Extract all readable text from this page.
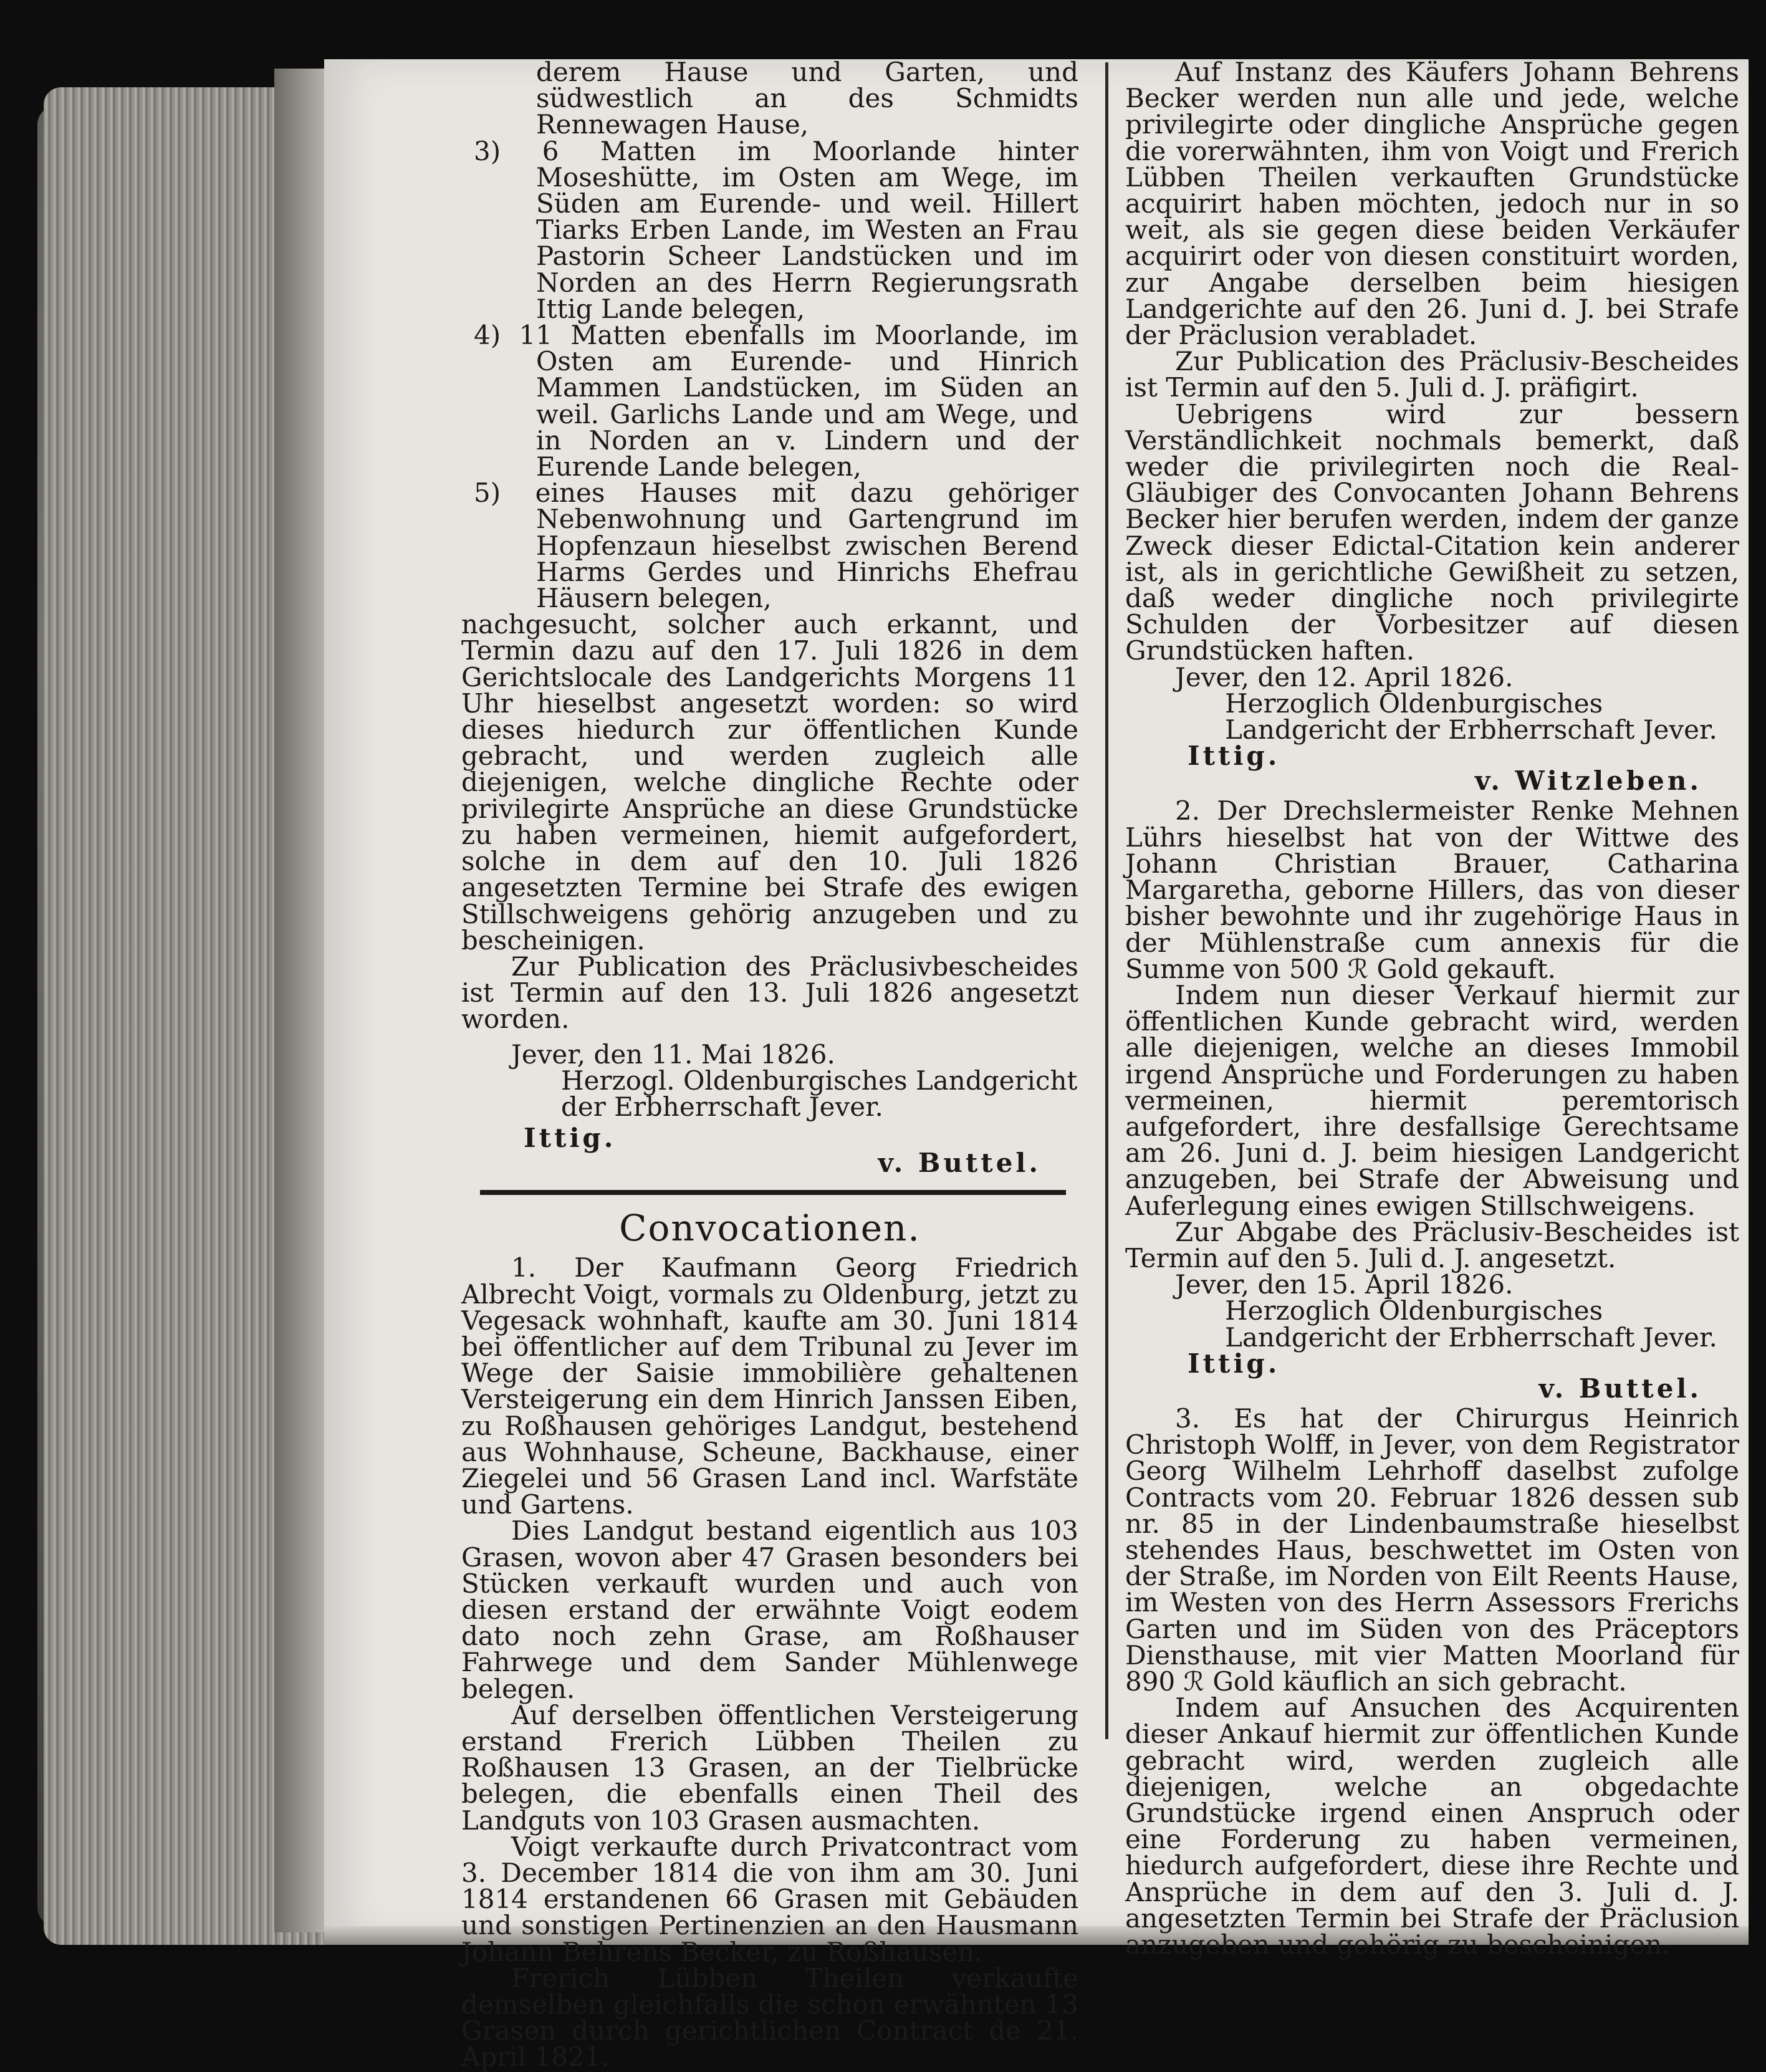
derem Hause und Garten, und südwestlich an des Schmidts Rennewagen Hause,

3) 6 Matten im Moorlande hinter Moseshütte, im Osten am Wege, im Süden am Eurende- und weil. Hillert Tiarks Erben Lande, im Westen an Frau Pastorin Scheer Landstücken und im Norden an des Herrn Regierungsrath Ittig Lande belegen,

4) 11 Matten ebenfalls im Moorlande, im Osten am Eurende- und Hinrich Mammen Landstücken, im Süden an weil. Garlichs Lande und am Wege, und in Norden an v. Lindern und der Eurende Lande belegen,

5) eines Hauses mit dazu gehöriger Nebenwohnung und Gartengrund im Hopfenzaun hieselbst zwischen Berend Harms Gerdes und Hinrichs Ehefrau Häusern belegen,

nachgesucht, solcher auch erkannt, und Termin dazu auf den 17. Juli 1826 in dem Gerichtslocale des Landgerichts Morgens 11 Uhr hieselbst angesetzt worden: so wird dieses hiedurch zur öffentlichen Kunde gebracht, und werden zugleich alle diejenigen, welche dingliche Rechte oder privilegirte Ansprüche an diese Grundstücke zu haben vermeinen, hiemit aufgefordert, solche in dem auf den 10. Juli 1826 angesetzten Termine bei Strafe des ewigen Stillschweigens gehörig anzugeben und zu bescheinigen.

Zur Publication des Präclusivbescheides ist Termin auf den 13. Juli 1826 angesetzt worden.

Jever, den 11. Mai 1826.

Herzogl. Oldenburgisches Landgericht der Erbherrschaft Jever.

Ittig.
v. Buttel.
Convocationen.

1. Der Kaufmann Georg Friedrich Albrecht Voigt, vormals zu Oldenburg, jetzt zu Vegesack wohnhaft, kaufte am 30. Juni 1814 bei öffentlicher auf dem Tribunal zu Jever im Wege der Saisie immobilière gehaltenen Versteigerung ein dem Hinrich Janssen Eiben, zu Roßhausen gehöriges Landgut, bestehend aus Wohnhause, Scheune, Backhause, einer Ziegelei und 56 Grasen Land incl. Warfstäte und Gartens.

Dies Landgut bestand eigentlich aus 103 Grasen, wovon aber 47 Grasen besonders bei Stücken verkauft wurden und auch von diesen erstand der erwähnte Voigt eodem dato noch zehn Grase, am Roßhauser Fahrwege und dem Sander Mühlenwege belegen.

Auf derselben öffentlichen Versteigerung erstand Frerich Lübben Theilen zu Roßhausen 13 Grasen, an der Tielbrücke belegen, die ebenfalls einen Theil des Landguts von 103 Grasen ausmachten.

Voigt verkaufte durch Privatcontract vom 3. December 1814 die von ihm am 30. Juni 1814 erstandenen 66 Grasen mit Gebäuden und sonstigen Pertinenzien an den Hausmann Johann Behrens Becker, zu Roßhausen.

Frerich Lübben Theilen verkaufte demselben gleichfalls die schon erwähnten 13 Grasen durch gerichtlichen Contract de 21. April 1821.

Auf Instanz des Käufers Johann Behrens Becker werden nun alle und jede, welche privilegirte oder dingliche Ansprüche gegen die vorerwähnten, ihm von Voigt und Frerich Lübben Theilen verkauften Grundstücke acquirirt haben möchten, jedoch nur in so weit, als sie gegen diese beiden Verkäufer acquirirt oder von diesen constituirt worden, zur Angabe derselben beim hiesigen Landgerichte auf den 26. Juni d. J. bei Strafe der Präclusion verabladet.

Zur Publication des Präclusiv-Bescheides ist Termin auf den 5. Juli d. J. präfigirt.

Uebrigens wird zur bessern Verständlichkeit nochmals bemerkt, daß weder die privilegirten noch die Real-Gläubiger des Convocanten Johann Behrens Becker hier berufen werden, indem der ganze Zweck dieser Edictal-Citation kein anderer ist, als in gerichtliche Gewißheit zu setzen, daß weder dingliche noch privilegirte Schulden der Vorbesitzer auf diesen Grundstücken haften.

Jever, den 12. April 1826.

Herzoglich Oldenburgisches Landgericht der Erbherrschaft Jever.

Ittig.
v. Witzleben.

2. Der Drechslermeister Renke Mehnen Lührs hieselbst hat von der Wittwe des Johann Christian Brauer, Catharina Margaretha, geborne Hillers, das von dieser bisher bewohnte und ihr zugehörige Haus in der Mühlenstraße cum annexis für die Summe von 500 ℛ Gold gekauft.

Indem nun dieser Verkauf hiermit zur öffentlichen Kunde gebracht wird, werden alle diejenigen, welche an dieses Immobil irgend Ansprüche und Forderungen zu haben vermeinen, hiermit peremtorisch aufgefordert, ihre desfallsige Gerechtsame am 26. Juni d. J. beim hiesigen Landgericht anzugeben, bei Strafe der Abweisung und Auferlegung eines ewigen Stillschweigens.

Zur Abgabe des Präclusiv-Bescheides ist Termin auf den 5. Juli d. J. angesetzt.

Jever, den 15. April 1826.

Herzoglich Oldenburgisches Landgericht der Erbherrschaft Jever.

Ittig.
v. Buttel.

3. Es hat der Chirurgus Heinrich Christoph Wolff, in Jever, von dem Registrator Georg Wilhelm Lehrhoff daselbst zufolge Contracts vom 20. Februar 1826 dessen sub nr. 85 in der Lindenbaumstraße hieselbst stehendes Haus, beschwettet im Osten von der Straße, im Norden von Eilt Reents Hause, im Westen von des Herrn Assessors Frerichs Garten und im Süden von des Präceptors Diensthause, mit vier Matten Moorland für 890 ℛ Gold käuflich an sich gebracht.

Indem auf Ansuchen des Acquirenten dieser Ankauf hiermit zur öffentlichen Kunde gebracht wird, werden zugleich alle diejenigen, welche an obgedachte Grundstücke irgend einen Anspruch oder eine Forderung zu haben vermeinen, hiedurch aufgefordert, diese ihre Rechte und Ansprüche in dem auf den 3. Juli d. J. angesetzten Termin bei Strafe der Präclusion anzugeben und gehörig zu bescheinigen.
